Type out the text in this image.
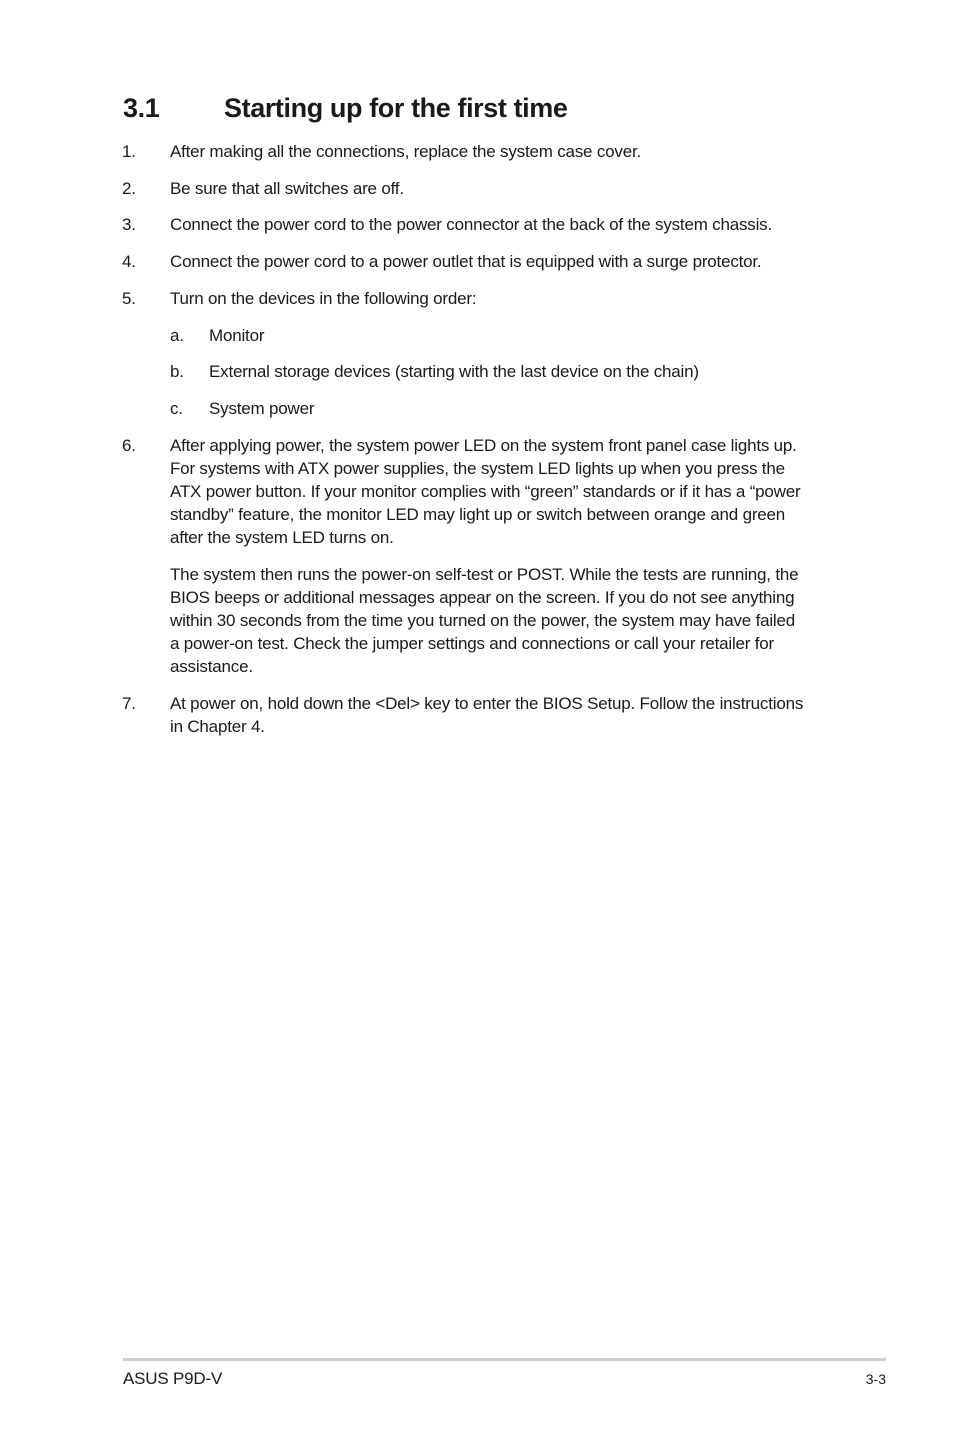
3.1 Starting up for the first time
1. After making all the connections, replace the system case cover.
2. Be sure that all switches are off.
3. Connect the power cord to the power connector at the back of the system chassis.
4. Connect the power cord to a power outlet that is equipped with a surge protector.
5. Turn on the devices in the following order:
a. Monitor
b. External storage devices (starting with the last device on the chain)
c. System power
6. After applying power, the system power LED on the system front panel case lights up.
For systems with ATX power supplies, the system LED lights up when you press the
ATX power button. If your monitor complies with “green” standards or if it has a “power
standby” feature, the monitor LED may light up or switch between orange and green
after the system LED turns on.
The system then runs the power-on self-test or POST. While the tests are running, the
BIOS beeps or additional messages appear on the screen. If you do not see anything
within 30 seconds from the time you turned on the power, the system may have failed
a power-on test. Check the jumper settings and connections or call your retailer for
assistance.
7. At power on, hold down the <Del> key to enter the BIOS Setup. Follow the instructions
in Chapter 4.
ASUS P9D-V	3-3
